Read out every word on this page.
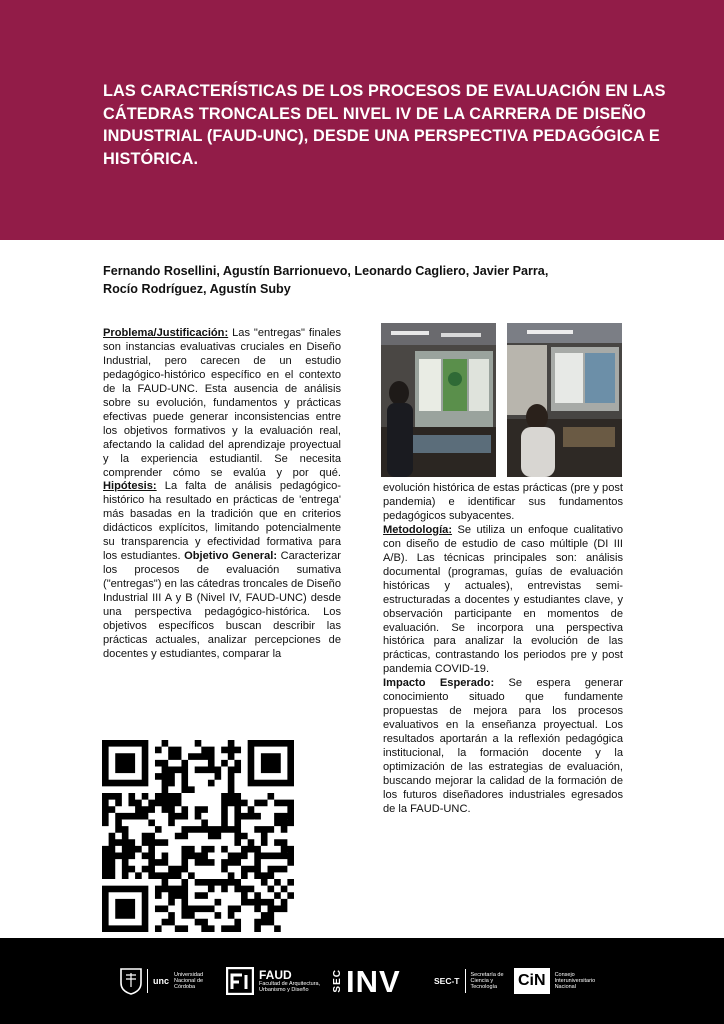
LAS CARACTERÍSTICAS DE LOS PROCESOS DE EVALUACIÓN EN LAS CÁTEDRAS TRONCALES DEL NIVEL IV DE LA CARRERA DE DISEÑO INDUSTRIAL (FAUD-UNC), DESDE UNA PERSPECTIVA PEDAGÓGICA E HISTÓRICA.

Fernando Rosellini, Agustín Barrionuevo, Leonardo Cagliero, Javier Parra, Rocío Rodríguez, Agustín Suby

Problema/Justificación: Las "entregas" finales son instancias evaluativas cruciales en Diseño Industrial, pero carecen de un estudio pedagógico-histórico específico en el contexto de la FAUD-UNC. Esta ausencia de análisis sobre su evolución, fundamentos y prácticas efectivas puede generar inconsistencias entre los objetivos formativos y la evaluación real, afectando la calidad del aprendizaje proyectual y la experiencia estudiantil. Se necesita comprender cómo se evalúa y por qué. Hipótesis: La falta de análisis pedagógico-histórico ha resultado en prácticas de 'entrega' más basadas en la tradición que en criterios didácticos explícitos, limitando potencialmente su transparencia y efectividad formativa para los estudiantes. Objetivo General: Caracterizar los procesos de evaluación sumativa ("entregas") en las cátedras troncales de Diseño Industrial III A y B (Nivel IV, FAUD-UNC) desde una perspectiva pedagógico-histórica. Los objetivos específicos buscan describir las prácticas actuales, analizar percepciones de docentes y estudiantes, comparar la

evolución histórica de estas prácticas (pre y post pandemia) e identificar sus fundamentos pedagógicos subyacentes.
Metodología: Se utiliza un enfoque cualitativo con diseño de estudio de caso múltiple (DI III A/B). Las técnicas principales son: análisis documental (programas, guías de evaluación históricas y actuales), entrevistas semi-estructuradas a docentes y estudiantes clave, y observación participante en momentos de evaluación. Se incorpora una perspectiva histórica para analizar la evolución de las prácticas, contrastando los periodos pre y post pandemia COVID-19.
Impacto Esperado: Se espera generar conocimiento situado que fundamente propuestas de mejora para los procesos evaluativos en la enseñanza proyectual. Los resultados aportarán a la reflexión pedagógica institucional, la formación docente y la optimización de las estrategias de evaluación, buscando mejorar la calidad de la formación de los futuros diseñadores industriales egresados de la FAUD-UNC.

unc
Universidad Nacional de Córdoba
FAUD
Facultad de Arquitectura, Urbanismo y Diseño	SEC INV	SEC-T
Secretaría de Ciencia y Tecnología	CiN	Consejo Interuniversitario Nacional
